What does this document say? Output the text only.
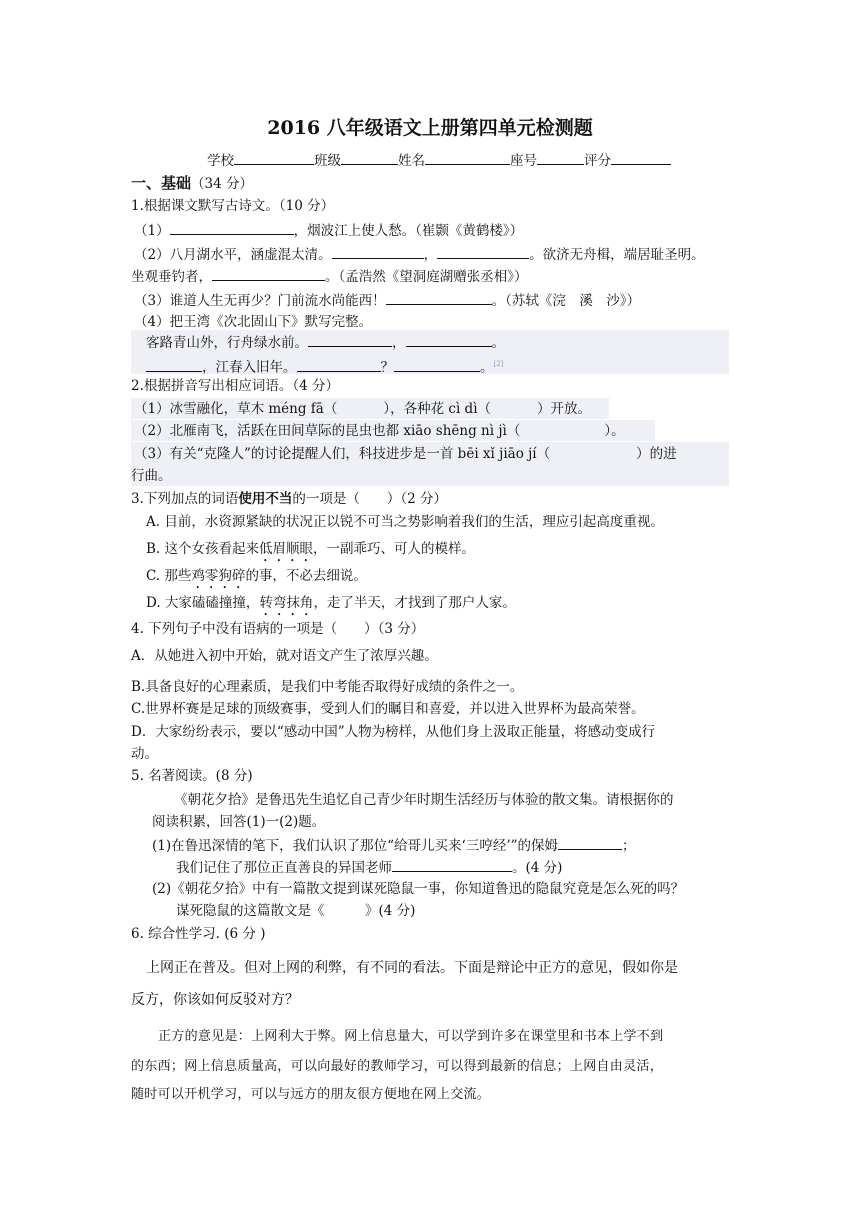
2016 八年级语文上册第四单元检测题
学校	班级	姓名	座号	评分
一、基础（34 分）
1.根据课文默写古诗文。（10 分）
（1）	，烟波江上使人愁。（崔颢《黄鹤楼》）
（2）八月湖水平，涵虚混太清。	，	。欲济无舟楫，端居耻圣明。
坐观垂钓者，	。（孟浩然《望洞庭湖赠张丞相》）
（3）谁道人生无再少？门前流水尚能西！	。（苏轼《浣　溪　沙》）
（4）把王湾《次北固山下》默写完整。
客路青山外，行舟绿水前。	，	。
，江春入旧年。	？	。[2]
2.根据拼音写出相应词语。（4 分）
（1）冰雪融化，草木 méng fā（	），各种花 cì dì（	）开放。
（2）北雁南飞，活跃在田间草际的昆虫也都 xiāo shēng nì jì（	）。
（3）有关“克隆人”的讨论提醒人们，科技进步是一首 bēi xǐ jiāo jí（	）的进
行曲。
3.下列加点的词语使用不当的一项是（　　）（2 分）
A. 目前，水资源紧缺的状况正以锐不可当之势影响着我们的生活，理应引起高度重视。
B. 这个女孩看起来低眉顺眼，一副乖巧、可人的模样。
C. 那些鸡零狗碎的事，不必去细说。
D. 大家磕磕撞撞，转弯抹角，走了半天，才找到了那户人家。
4. 下列句子中没有语病的一项是（　　）（3 分）
A．从她进入初中开始，就对语文产生了浓厚兴趣。
B.具备良好的心理素质，是我们中考能否取得好成绩的条件之一。
C.世界杯赛是足球的顶级赛事，受到人们的瞩目和喜爱，并以进入世界杯为最高荣誉。
D．大家纷纷表示，要以“感动中国”人物为榜样，从他们身上汲取正能量，将感动变成行
动。
5. 名著阅读。(8 分)
《朝花夕拾》是鲁迅先生追忆自己青少年时期生活经历与体验的散文集。请根据你的
阅读积累，回答(1)一(2)题。
(1)在鲁迅深情的笔下，我们认识了那位“给哥儿买来‘三哼经’”的保姆	；
我们记住了那位正直善良的异国老师	。(4 分)
(2)《朝花夕拾》中有一篇散文提到谋死隐鼠一事，你知道鲁迅的隐鼠究竟是怎么死的吗？
谋死隐鼠的这篇散文是《　　　》(4 分)
6. 综合性学习. (6 分 )
上网正在普及。但对上网的利弊，有不同的看法。下面是辩论中正方的意见，假如你是
反方，你该如何反驳对方？
正方的意见是：上网利大于弊。网上信息量大，可以学到许多在课堂里和书本上学不到
的东西；网上信息质量高，可以向最好的教师学习，可以得到最新的信息；上网自由灵活，
随时可以开机学习，可以与远方的朋友很方便地在网上交流。
